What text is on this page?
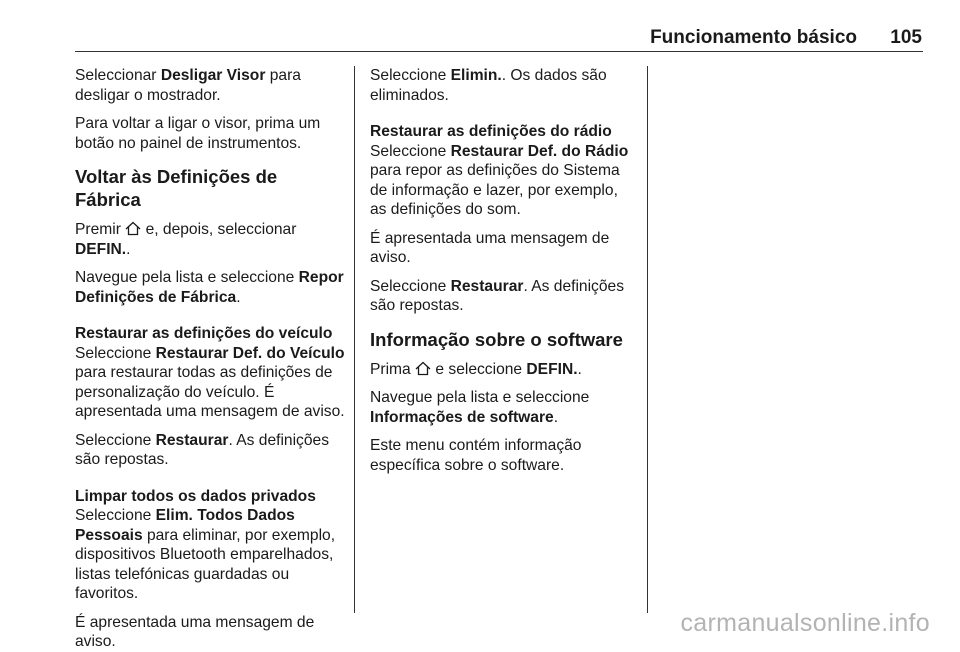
Funcionamento básico 105

Seleccionar Desligar Visor para desligar o mostrador.

Para voltar a ligar o visor, prima um botão no painel de instrumentos.

Voltar às Definições de Fábrica

Premir  e, depois, seleccionar DEFIN..

Navegue pela lista e seleccione Repor Definições de Fábrica.

Restaurar as definições do veículo

Seleccione Restaurar Def. do Veículo para restaurar todas as definições de personalização do veículo. É apresentada uma mensagem de aviso.

Seleccione Restaurar. As definições são repostas.

Limpar todos os dados privados

Seleccione Elim. Todos Dados Pessoais para eliminar, por exemplo, dispositivos Bluetooth emparelhados, listas telefónicas guardadas ou favoritos.

É apresentada uma mensagem de aviso.

Seleccione Elimin.. Os dados são eliminados.

Restaurar as definições do rádio

Seleccione Restaurar Def. do Rádio para repor as definições do Sistema de informação e lazer, por exemplo, as definições do som.

É apresentada uma mensagem de aviso.

Seleccione Restaurar. As definições são repostas.

Informação sobre o software

Prima  e seleccione DEFIN..

Navegue pela lista e seleccione Informações de software.

Este menu contém informação específica sobre o software.

carmanualsonline.info
